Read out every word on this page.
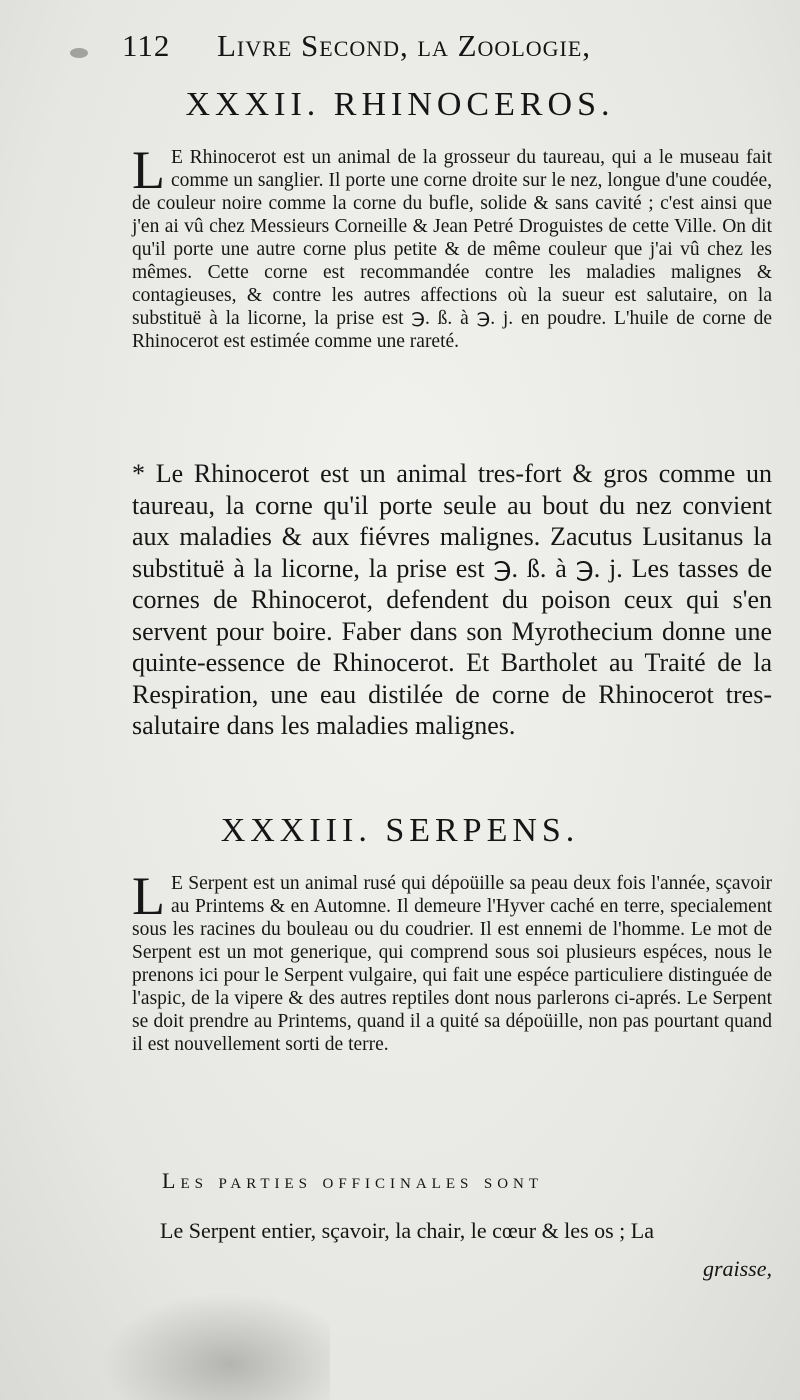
112 Livre Second, la Zoologie,
XXXII. RHINOCEROS.
L E Rhinocerot est un animal de la grosseur du taureau, qui a le museau fait comme un sanglier. Il porte une corne droite sur le nez, longue d'une coudée, de couleur noire comme la corne du bufle, solide & sans cavité ; c'est ainsi que j'en ai vû chez Messieurs Corneille & Jean Petré Droguistes de cette Ville. On dit qu'il porte une autre corne plus petite & de même couleur que j'ai vû chez les mêmes. Cette corne est recommandée contre les maladies malignes & contagieuses, & contre les autres affections où la sueur est salutaire, on la substituë à la licorne, la prise est ℈. ß. à ℈. j. en poudre. L'huile de corne de Rhinocerot est estimée comme une rareté.
* Le Rhinocerot est un animal tres-fort & gros comme un taureau, la corne qu'il porte seule au bout du nez convient aux maladies & aux fiévres malignes. Zacutus Lusitanus la substituë à la licorne, la prise est ℈. ß. à ℈. j. Les tasses de cornes de Rhinocerot, defendent du poison ceux qui s'en servent pour boire. Faber dans son Myrothecium donne une quinte-essence de Rhinocerot. Et Bartholet au Traité de la Respiration, une eau distilée de corne de Rhinocerot tres-salutaire dans les maladies malignes.
XXXIII. SERPENS.
L E Serpent est un animal rusé qui dépoüille sa peau deux fois l'année, sçavoir au Printems & en Automne. Il demeure l'Hyver caché en terre, specialement sous les racines du bouleau ou du coudrier. Il est ennemi de l'homme. Le mot de Serpent est un mot generique, qui comprend sous soi plusieurs espéces, nous le prenons ici pour le Serpent vulgaire, qui fait une espéce particuliere distinguée de l'aspic, de la vipere & des autres reptiles dont nous parlerons ci-aprés. Le Serpent se doit prendre au Printems, quand il a quité sa dépoüille, non pas pourtant quand il est nouvellement sorti de terre.
Les parties officinales sont
Le Serpent entier, sçavoir, la chair, le cœur & les os ; La
graisse,
